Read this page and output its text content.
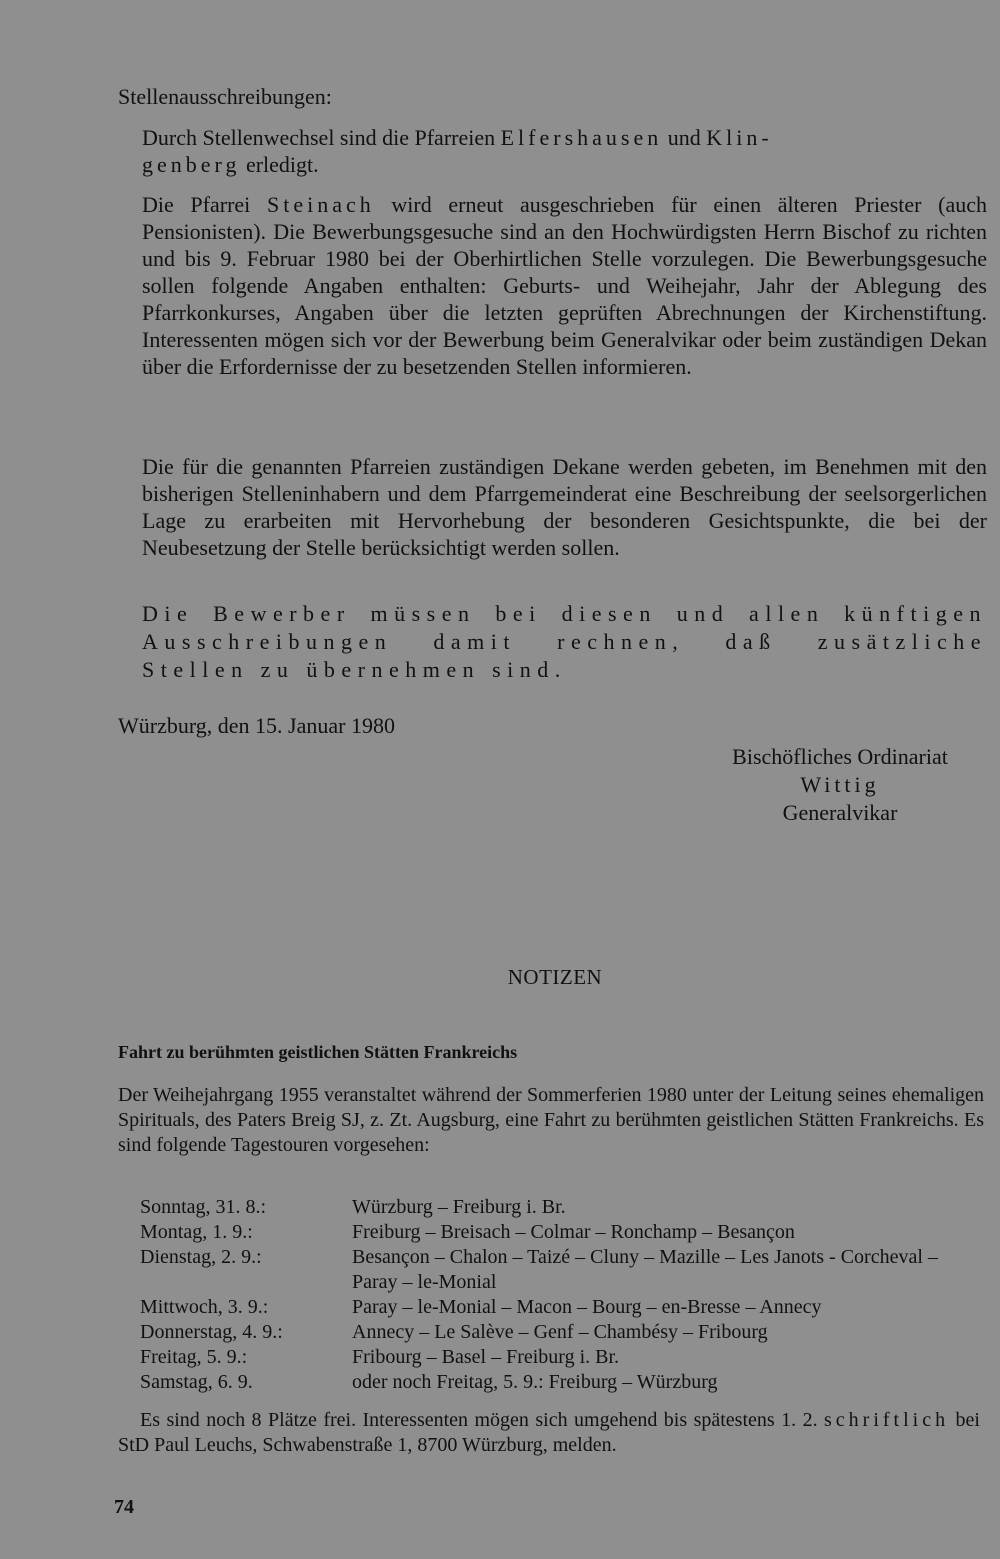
Stellenausschreibungen:

Durch Stellenwechsel sind die Pfarreien Elfershausen und Klin-
genberg erledigt.

Die Pfarrei Steinach wird erneut ausgeschrieben für einen älteren Priester (auch Pensionisten). Die Bewerbungsgesuche sind an den Hochwürdigsten Herrn Bischof zu richten und bis 9. Februar 1980 bei der Oberhirtlichen Stelle vorzulegen. Die Bewerbungsgesuche sollen folgende Angaben enthalten: Geburts- und Weihejahr, Jahr der Ablegung des Pfarrkonkurses, Angaben über die letzten geprüften Abrechnungen der Kirchenstiftung. Interessenten mögen sich vor der Bewerbung beim Generalvikar oder beim zuständigen Dekan über die Erfordernisse der zu besetzenden Stellen informieren.

Die für die genannten Pfarreien zuständigen Dekane werden gebeten, im Benehmen mit den bisherigen Stelleninhabern und dem Pfarrgemeinderat eine Beschreibung der seelsorgerlichen Lage zu erarbeiten mit Hervorhebung der besonderen Gesichtspunkte, die bei der Neubesetzung der Stelle berücksichtigt werden sollen.

Die Bewerber müssen bei diesen und allen künftigen Ausschreibungen damit rechnen, daß zusätzliche Stellen zu übernehmen sind.

Würzburg, den 15. Januar 1980
Bischöfliches Ordinariat
Wittig
Generalvikar
NOTIZEN
Fahrt zu berühmten geistlichen Stätten Frankreichs

Der Weihejahrgang 1955 veranstaltet während der Sommerferien 1980 unter der Leitung seines ehemaligen Spirituals, des Paters Breig SJ, z. Zt. Augsburg, eine Fahrt zu berühmten geistlichen Stätten Frankreichs. Es sind folgende Tagestouren vorgesehen:

Sonntag, 31. 8.:	Würzburg – Freiburg i. Br.
Montag, 1. 9.:	Freiburg – Breisach – Colmar – Ronchamp – Besançon
Dienstag, 2. 9.:	Besançon – Chalon – Taizé – Cluny – Mazille – Les Janots - Corcheval – Paray – le-Monial
Mittwoch, 3. 9.:	Paray – le-Monial – Macon – Bourg – en-Bresse – Annecy
Donnerstag, 4. 9.:	Annecy – Le Salève – Genf – Chambésy – Fribourg
Freitag, 5. 9.:	Fribourg – Basel – Freiburg i. Br.
Samstag, 6. 9.	oder noch Freitag, 5. 9.: Freiburg – Würzburg

Es sind noch 8 Plätze frei. Interessenten mögen sich umgehend bis spätestens 1. 2. schriftlich bei StD Paul Leuchs, Schwabenstraße 1, 8700 Würzburg, melden.

74
